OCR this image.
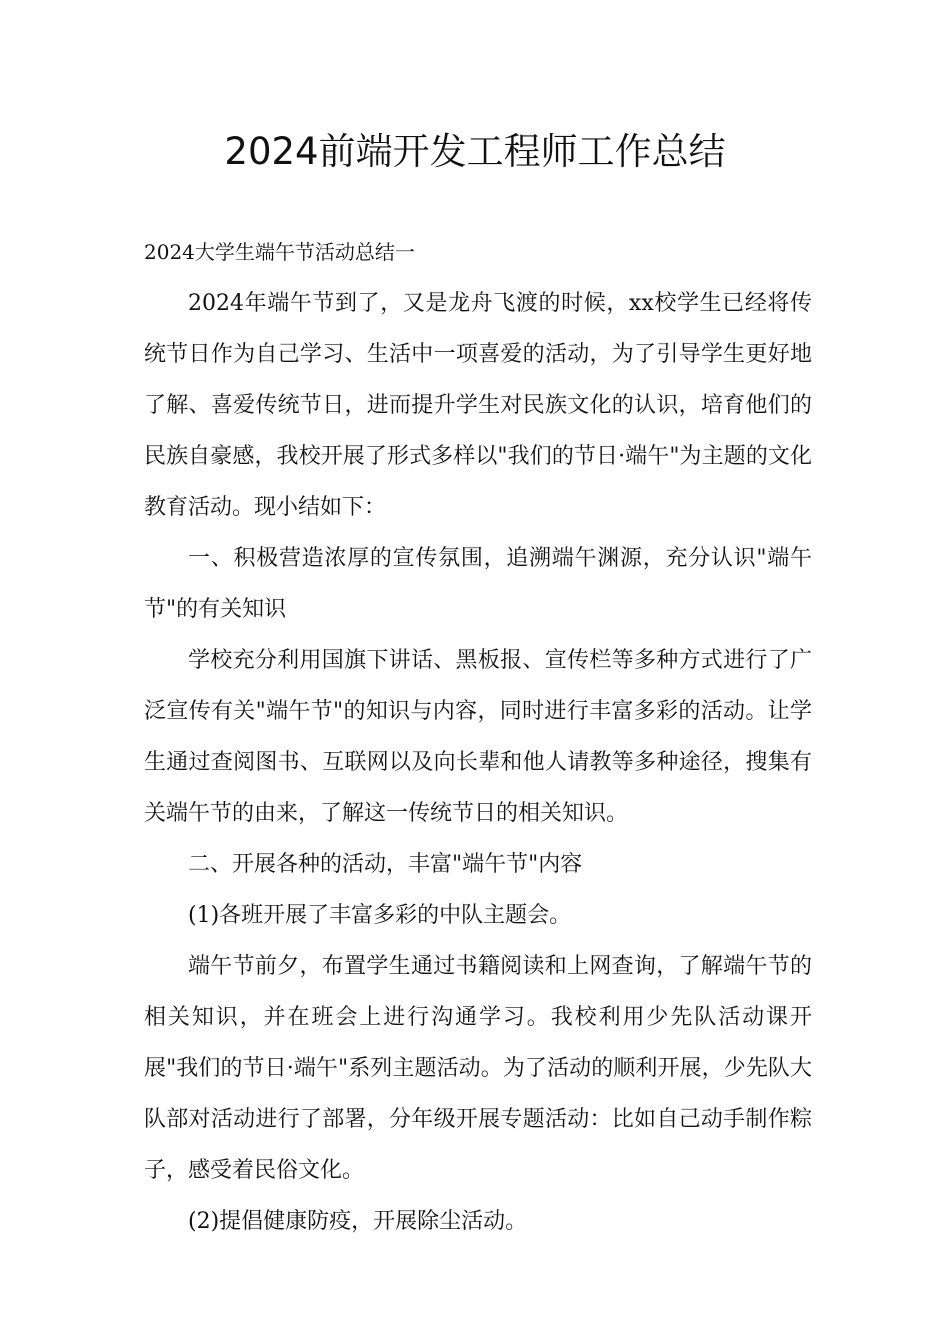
2024前端开发工程师工作总结

2024大学生端午节活动总结一

2024年端午节到了，又是龙舟飞渡的时候，xx校学生已经将传统节日作为自己学习、生活中一项喜爱的活动，为了引导学生更好地了解、喜爱传统节日，进而提升学生对民族文化的认识，培育他们的民族自豪感，我校开展了形式多样以"我们的节日·端午"为主题的文化教育活动。现小结如下：

一、积极营造浓厚的宣传氛围，追溯端午渊源，充分认识"端午节"的有关知识

学校充分利用国旗下讲话、黑板报、宣传栏等多种方式进行了广泛宣传有关"端午节"的知识与内容，同时进行丰富多彩的活动。让学生通过查阅图书、互联网以及向长辈和他人请教等多种途径，搜集有关端午节的由来，了解这一传统节日的相关知识。

二、开展各种的活动，丰富"端午节"内容

(1)各班开展了丰富多彩的中队主题会。

端午节前夕，布置学生通过书籍阅读和上网查询，了解端午节的相关知识，并在班会上进行沟通学习。我校利用少先队活动课开展"我们的节日·端午"系列主题活动。为了活动的顺利开展，少先队大队部对活动进行了部署，分年级开展专题活动：比如自己动手制作粽子，感受着民俗文化。

(2)提倡健康防疫，开展除尘活动。
